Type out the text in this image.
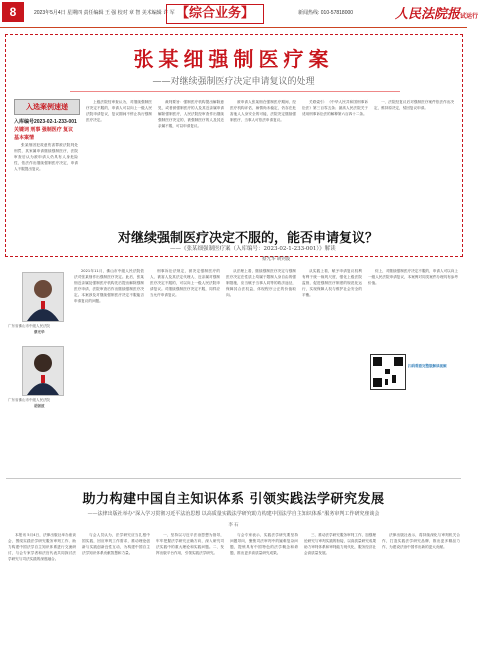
8	2023年5月4日 星期四 责任编辑 王 强 校对 章 智 美术编辑 许 军 【综合业务】	新闻热线: 010-57818000	人民法院报试运行
张某细强制医疗案
——对继续强制医疗决定申请复议的处理
入选案例速递
入库编号2023-02-1-233-001
关键词 刑事 强制医疗 复议
基本案情
张某细因犯故意伤害罪被法院判处刑罚，其家属申请继续强制医疗，法院审查后认为被申请人仍具有人身危险性，依法作出继续强制医疗决定，申请人不服提出复议。
上级法院经审查认为，对继续强制医疗决定不服的，申请人可以向上一级人民法院申请复议，复议期间不停止执行强制医疗决定。
裁判要旨：强制医疗机构提出解除意见，或者被强制医疗的人及其近亲属申请解除强制医疗，人民法院经审查作出继续强制医疗决定的，被强制医疗的人及其近亲属不服，可以申请复议。
被申请人张某细在强制医疗期间，经医疗机构评估，病情尚未稳定，仍存在危害他人人身安全的可能，法院决定继续强制医疗，当事人可依法申请复议。
关联索引：《中华人民共和国刑事诉讼法》第三百零五条；最高人民法院关于适用刑事诉讼法的解释第六百四十二条。
一、法院经复议后对强制医疗案件依法作出决定，维持原决定，驳回复议申请。
对继续强制医疗决定不服的，能否申请复议？
——《张某细强制医疗案（入库编号：2023-02-1-233-001）》解读
蔡光华 胡剑波
广东省佛山市中级人民法院
蔡光华
广东省佛山市中级人民法院
胡剑波
2021年11月，佛山市中级人民法院依法对张某细作出强制医疗决定。此后，张某细近亲属及强制医疗机构先后提出解除强制医疗申请，法院审查后作出继续强制医疗决定。本案涉及对继续强制医疗决定不服能否申请复议的问题。
刑事诉讼法规定，被决定强制医疗的人、被害人及其法定代理人、近亲属对强制医疗决定不服的，可以向上一级人民法院申请复议。对继续强制医疗决定不服，同样应当允许申请复议。
从法理上看，继续强制医疗决定与强制医疗决定在性质上均属于限制人身自由的强制措施，应当赋予当事人同等的救济途径，保障其合法权益，体现程序公正的价值取向。
从实践上看，赋予申请复议权利有利于统一裁判尺度，强化上级法院监督，促进强制医疗制度的规范化运行，实现保障人权与维护社会安全的平衡。
综上，对继续强制医疗决定不服的，申请人可以向上一级人民法院申请复议，本案例对同类案件办理具有参考价值。
扫码观看完整版解读视频
助力构建中国自主知识体系 引领实践法学研究发展
——法律出版社举办“深入学习贯彻习近平法治思想 以高质量实践法学研究助力构建中国法学自主知识体系”服务审判工作研究座谈会
李 石
本报讯 5月4日，法律出版社举办座谈会，围绕实践法学研究服务审判工作、助力构建中国法学自主知识体系进行交流研讨，与会专家学者和法官代表共同探讨法学研究与司法实践的深度融合。
与会人员认为，法学研究应当扎根中国实践，回应审判工作需求，推动理论创新与实践创新良性互动，为构建中国自主法学知识体系贡献智慧和力量。
一、坚持以习近平法治思想为指导，牢牢把握法学研究正确方向，深入研究司法实践中的重大理论和实践问题。二、发挥出版平台作用，引领实践法学研究。
与会专家表示，实践法学研究要坚持问题导向，聚焦司法审判中的疑难复杂问题，提炼具有中国特色的法学概念和命题，推出更多高质量研究成果。
三、推动法学研究服务审判工作，加强理论研究与审判实践的衔接，以高质量研究成果助力审判体系和审判能力现代化，服务经济社会高质量发展。
法律出版社表示，将持续深化与审判机关合作，打造实践法学研究品牌，推出更多精品力作，为建设法治中国作出新的更大贡献。
